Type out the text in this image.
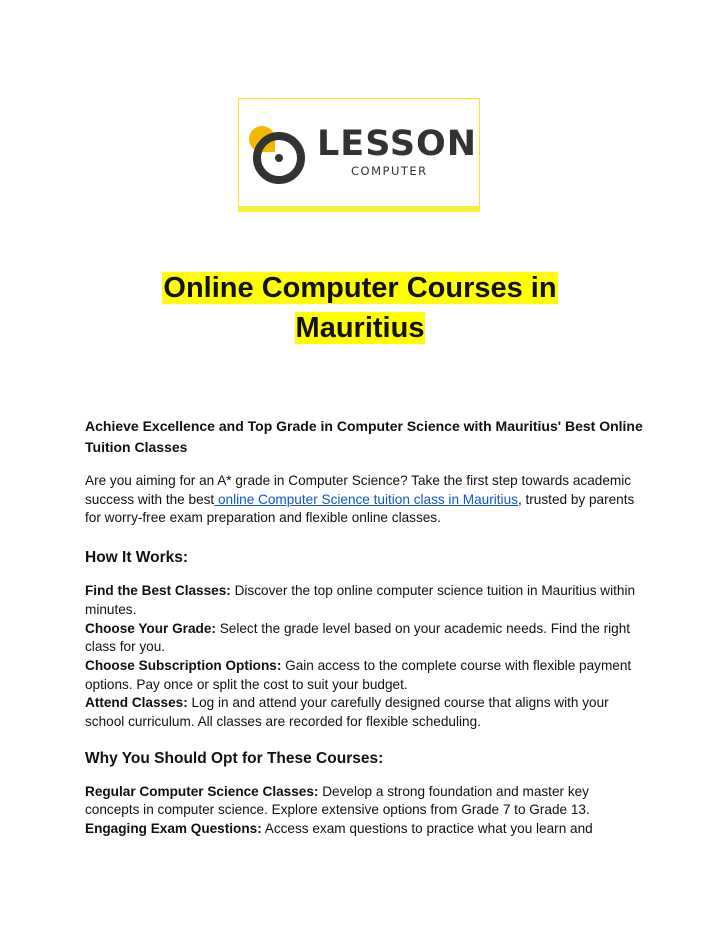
LESSON
COMPUTER
Online Computer Courses in
Mauritius
Achieve Excellence and Top Grade in Computer Science with Mauritius' Best Online Tuition Classes

Are you aiming for an A* grade in Computer Science? Take the first step towards academic success with the best online Computer Science tuition class in Mauritius, trusted by parents for worry-free exam preparation and flexible online classes.

How It Works:

Find the Best Classes: Discover the top online computer science tuition in Mauritius within minutes.

Choose Your Grade: Select the grade level based on your academic needs. Find the right class for you.

Choose Subscription Options: Gain access to the complete course with flexible payment options. Pay once or split the cost to suit your budget.

Attend Classes: Log in and attend your carefully designed course that aligns with your school curriculum. All classes are recorded for flexible scheduling.

Why You Should Opt for These Courses:

Regular Computer Science Classes: Develop a strong foundation and master key concepts in computer science. Explore extensive options from Grade 7 to Grade 13.

Engaging Exam Questions: Access exam questions to practice what you learn and
